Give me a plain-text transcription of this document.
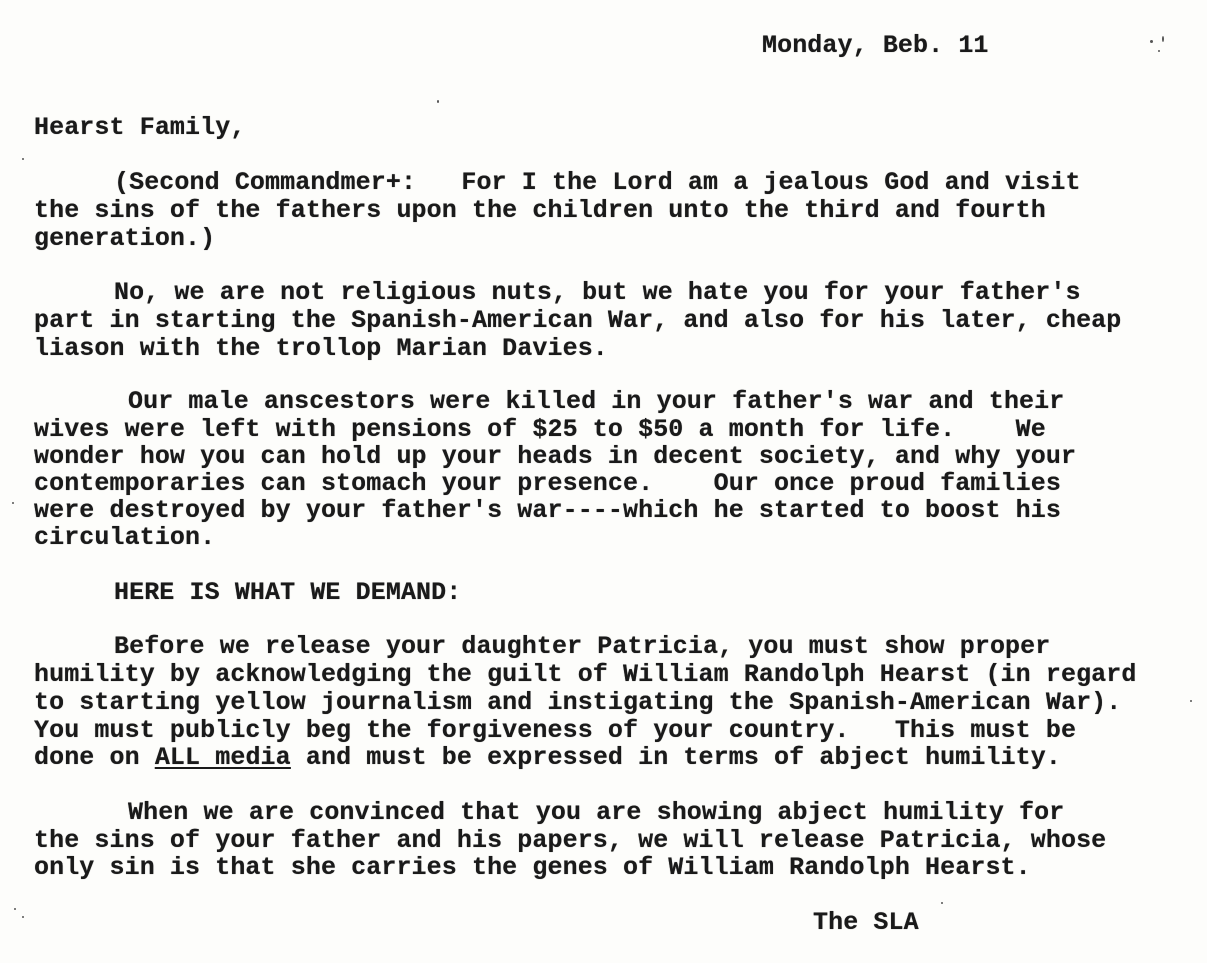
Monday, Beb. 11
Hearst Family,
(Second Commandmer+:   For I the Lord am a jealous God and visit
the sins of the fathers upon the children unto the third and fourth
generation.)
No, we are not religious nuts, but we hate you for your father's
part in starting the Spanish-American War, and also for his later, cheap
liason with the trollop Marian Davies.
Our male anscestors were killed in your father's war and their
wives were left with pensions of $25 to $50 a month for life.    We
wonder how you can hold up your heads in decent society, and why your
contemporaries can stomach your presence.    Our once proud families
were destroyed by your father's war----which he started to boost his
circulation.
HERE IS WHAT WE DEMAND:
Before we release your daughter Patricia, you must show proper
humility by acknowledging the guilt of William Randolph Hearst (in regard
to starting yellow journalism and instigating the Spanish-American War).
You must publicly beg the forgiveness of your country.   This must be
done on ALL media and must be expressed in terms of abject humility.
When we are convinced that you are showing abject humility for
the sins of your father and his papers, we will release Patricia, whose
only sin is that she carries the genes of William Randolph Hearst.
The SLA
